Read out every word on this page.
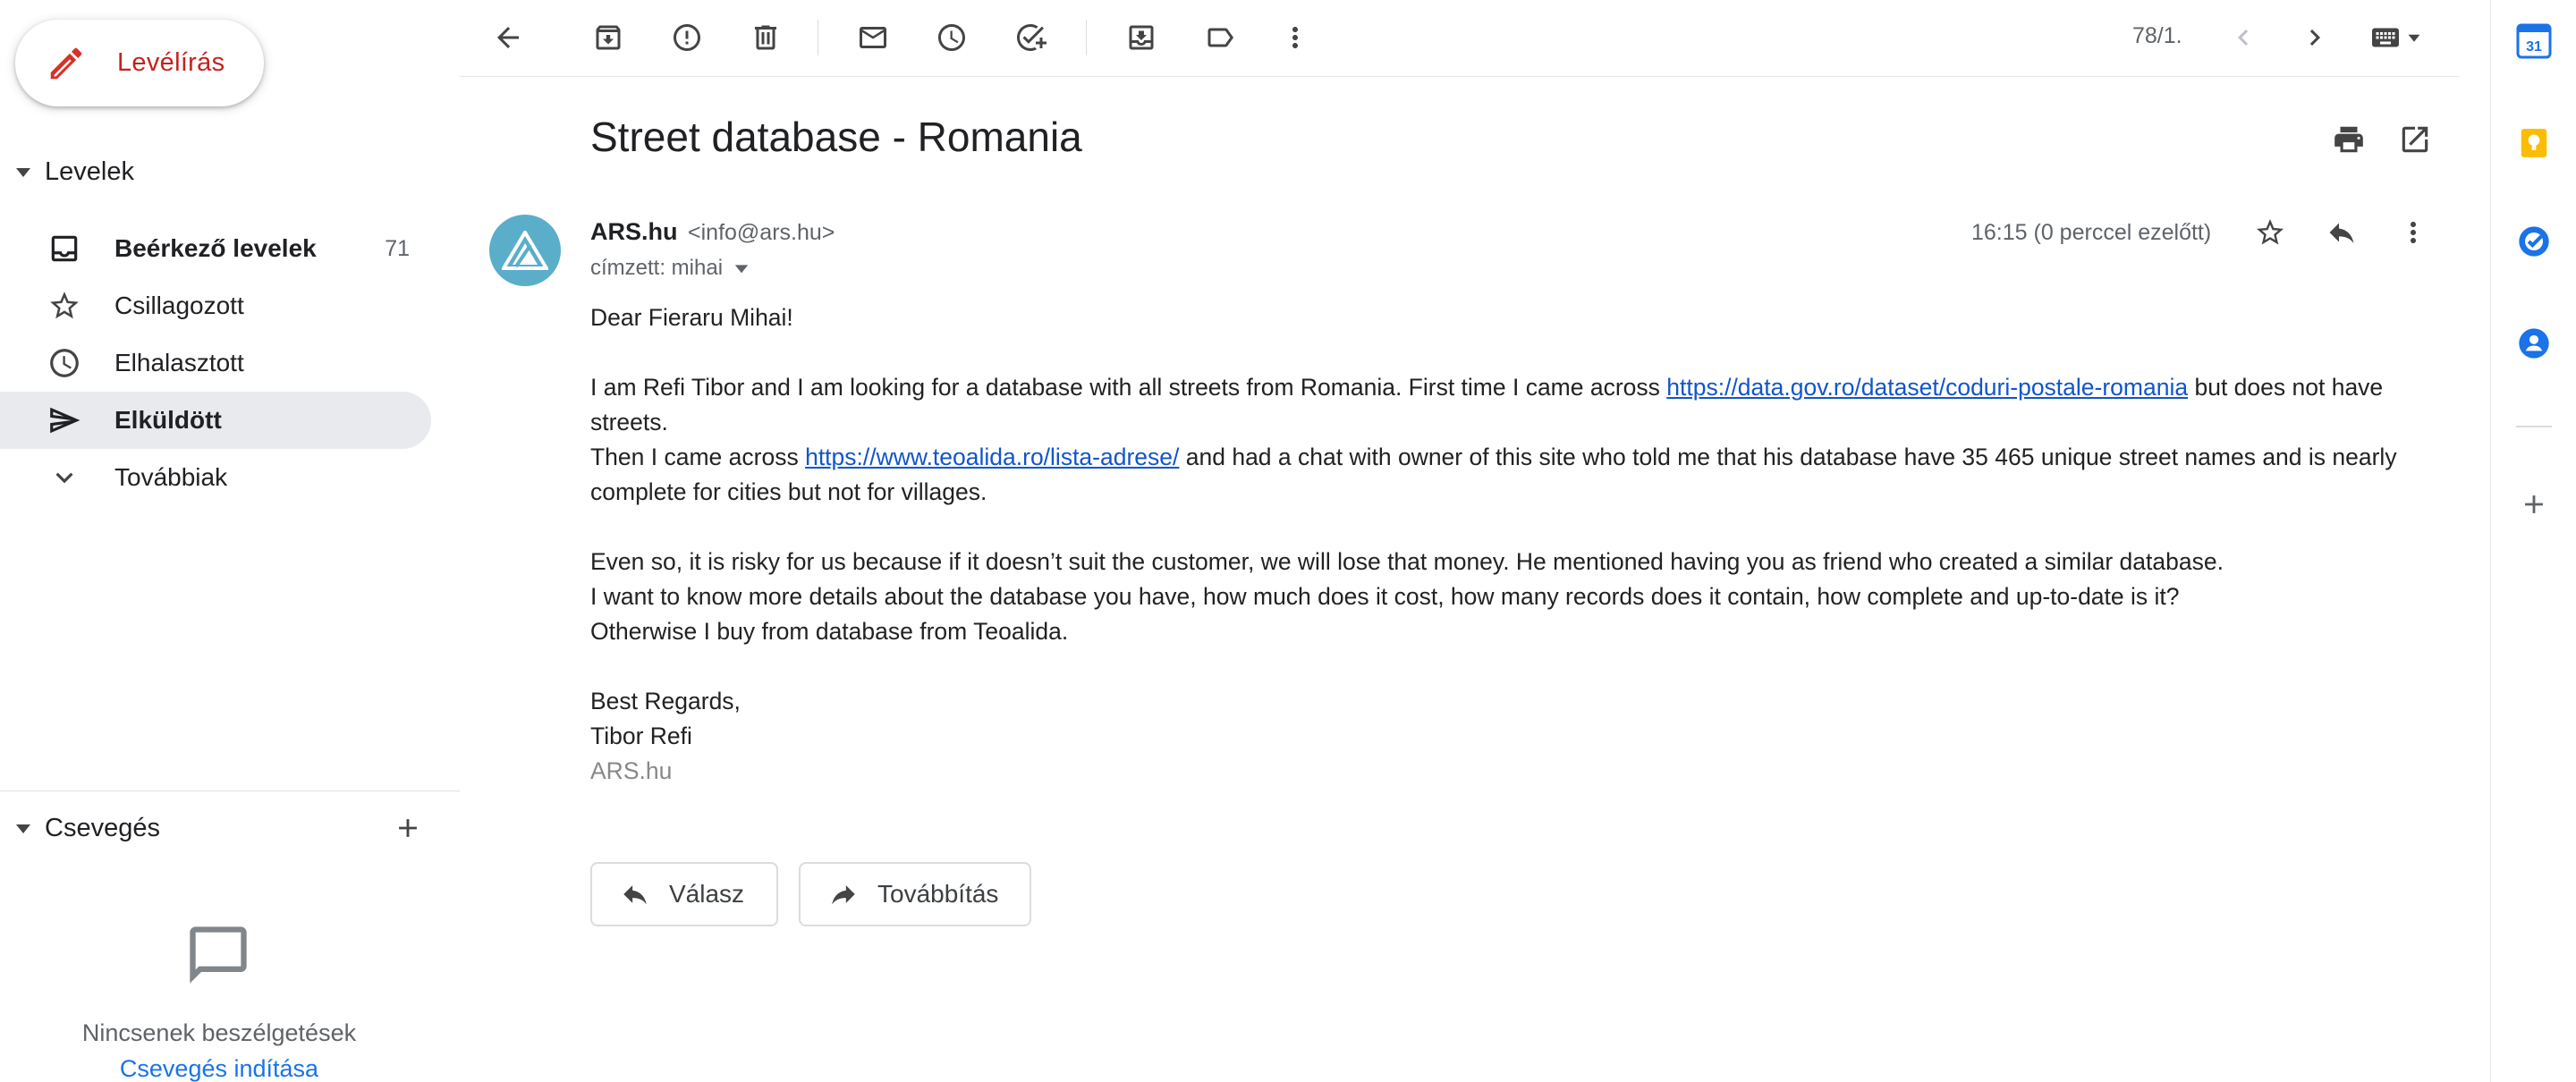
Levélírás
Levelek
Beérkező levelek	71
Csillagozott
Elhalasztott
Elküldött
Továbbiak
Csevegés
Nincsenek beszélgetések
Csevegés indítása
78/1.
Street database - Romania
ARS.hu <info@ars.hu>
címzett: mihai
16:15 (0 perccel ezelőtt)

Dear Fieraru Mihai!

I am Refi Tibor and I am looking for a database with all streets from Romania. First time I came across https://data.gov.ro/dataset/coduri-postale-romania but does not have streets.

Then I came across https://www.teoalida.ro/lista-adrese/ and had a chat with owner of this site who told me that his database have 35 465 unique street names and is nearly complete for cities but not for villages.

Even so, it is risky for us because if it doesn’t suit the customer, we will lose that money. He mentioned having you as friend who created a similar database.

I want to know more details about the database you have, how much does it cost, how many records does it contain, how complete and up-to-date is it?

Otherwise I buy from database from Teoalida.

Best Regards,

Tibor Refi

ARS.hu

Válasz	Továbbítás
31
